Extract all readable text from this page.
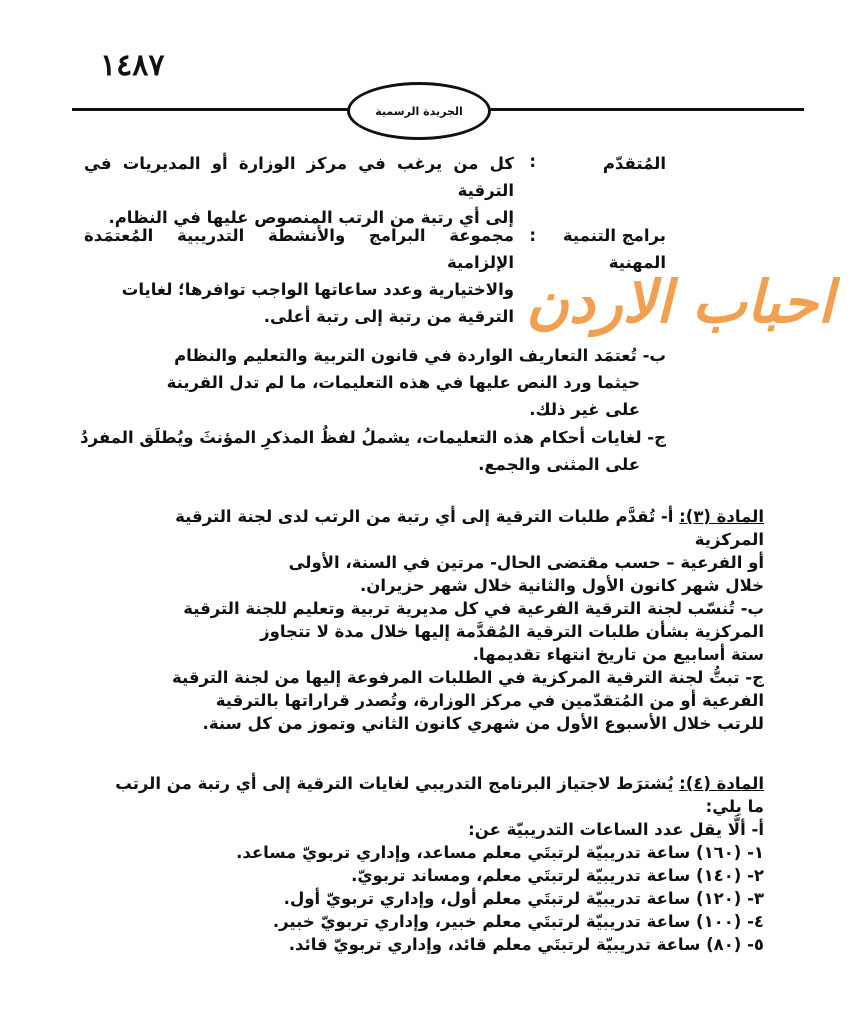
١٤٨٧
الجريدة الرسمية
المُتقدّم
:
كل من يرغب في مركز الوزارة أو المديريات في الترقية
إلى أي رتبة من الرتب المنصوص عليها في النظام.
برامج التنمية
المهنية
:
مجموعة البرامج والأنشطة التدريبية المُعتمَدة الإلزامية
والاختيارية وعدد ساعاتها الواجب توافرها؛ لغايات
الترقية من رتبة إلى رتبة أعلى. احباب الاردن
ب- تُعتمَد التعاريف الواردة في قانون التربية والتعليم والنظام
حيثما ورد النص عليها في هذه التعليمات، ما لم تدل القرينة
على غير ذلك.
ج- لغايات أحكام هذه التعليمات، يشملُ لفظُ المذكرِ المؤنثَ ويُطلَق المفردُ
على المثنى والجمع.
المادة (٣): أ- تُقدَّم طلبات الترقية إلى أي رتبة من الرتب لدى لجنة الترقية المركزية
أو الفرعية – حسب مقتضى الحال- مرتين في السنة، الأولى
خلال شهر كانون الأول والثانية خلال شهر حزيران.
ب- تُنسّب لجنة الترقية الفرعية في كل مديرية تربية وتعليم للجنة الترقية
المركزية بشأن طلبات الترقية المُقدَّمة إليها خلال مدة لا تتجاوز
ستة أسابيع من تاريخ انتهاء تقديمها.
ج- تبتُّ لجنة الترقية المركزية في الطلبات المرفوعة إليها من لجنة الترقية
الفرعية أو من المُتقدّمين في مركز الوزارة، وتُصدر قراراتها بالترقية
للرتب خلال الأسبوع الأول من شهري كانون الثاني وتموز من كل سنة.
المادة (٤): يُشترَط لاجتياز البرنامج التدريبي لغايات الترقية إلى أي رتبة من الرتب
ما يلي:
أ- ألَّا يقل عدد الساعات التدريبيّة عن:
١- (١٦٠) ساعة تدريبيّة لرتبتَي معلم مساعد، وإداري تربويّ مساعد.
٢- (١٤٠) ساعة تدريبيّة لرتبتَي معلم، ومساند تربويّ.
٣- (١٢٠) ساعة تدريبيّة لرتبتَي معلم أول، وإداري تربويّ أول.
٤- (١٠٠) ساعة تدريبيّة لرتبتَي معلم خبير، وإداري تربويّ خبير.
٥- (٨٠) ساعة تدريبيّة لرتبتَي معلم قائد، وإداري تربويّ قائد.
